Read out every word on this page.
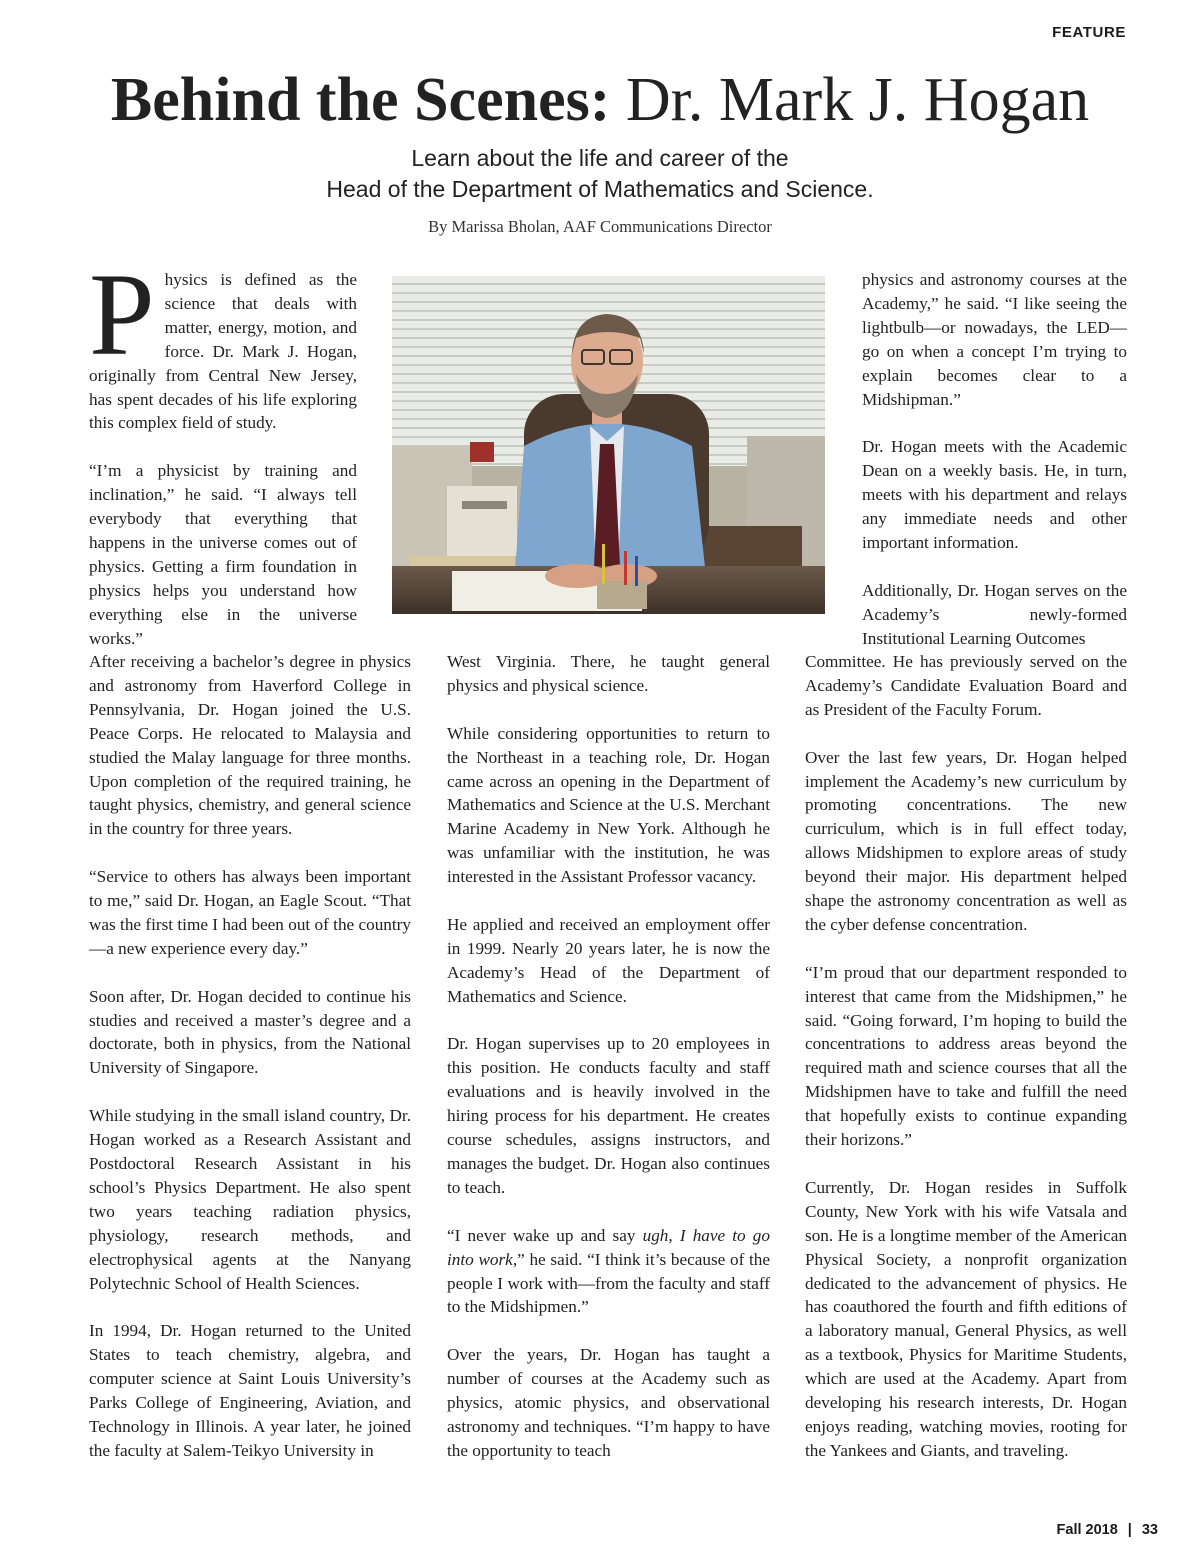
FEATURE
Behind the Scenes: Dr. Mark J. Hogan
Learn about the life and career of the
Head of the Department of Mathematics and Science.
By Marissa Bholan, AAF Communications Director

Physics is defined as the science that deals with matter, energy, motion, and force. Dr. Mark J. Hogan, originally from Central New Jersey, has spent decades of his life exploring this complex field of study.

“I’m a physicist by training and inclination,” he said. “I always tell everybody that everything that happens in the universe comes out of physics. Getting a firm foundation in physics helps you understand how everything else in the universe works.”

After receiving a bachelor’s degree in physics and astronomy from Haverford College in Pennsylvania, Dr. Hogan joined the U.S. Peace Corps. He relocated to Malaysia and studied the Malay language for three months. Upon completion of the required training, he taught physics, chemistry, and general science in the country for three years.

“Service to others has always been important to me,” said Dr. Hogan, an Eagle Scout. “That was the first time I had been out of the country—a new experience every day.”

Soon after, Dr. Hogan decided to continue his studies and received a master’s degree and a doctorate, both in physics, from the National University of Singapore.

While studying in the small island country, Dr. Hogan worked as a Research Assistant and Postdoctoral Research Assistant in his school’s Physics Department. He also spent two years teaching radiation physics, physiology, research methods, and electrophysical agents at the Nanyang Polytechnic School of Health Sciences.

In 1994, Dr. Hogan returned to the United States to teach chemistry, algebra, and computer science at Saint Louis University’s Parks College of Engineering, Aviation, and Technology in Illinois. A year later, he joined the faculty at Salem-Teikyo University in

West Virginia. There, he taught general physics and physical science.

While considering opportunities to return to the Northeast in a teaching role, Dr. Hogan came across an opening in the Department of Mathematics and Science at the U.S. Merchant Marine Academy in New York. Although he was unfamiliar with the institution, he was interested in the Assistant Professor vacancy.

He applied and received an employment offer in 1999. Nearly 20 years later, he is now the Academy’s Head of the Department of Mathematics and Science.

Dr. Hogan supervises up to 20 employees in this position. He conducts faculty and staff evaluations and is heavily involved in the hiring process for his department. He creates course schedules, assigns instructors, and manages the budget. Dr. Hogan also continues to teach.

“I never wake up and say ugh, I have to go into work,” he said. “I think it’s because of the people I work with—from the faculty and staff to the Midshipmen.”

Over the years, Dr. Hogan has taught a number of courses at the Academy such as physics, atomic physics, and observational astronomy and techniques. “I’m happy to have the opportunity to teach

physics and astronomy courses at the Academy,” he said. “I like seeing the lightbulb—or nowadays, the LED—go on when a concept I’m trying to explain becomes clear to a Midshipman.”

Dr. Hogan meets with the Academic Dean on a weekly basis. He, in turn, meets with his department and relays any immediate needs and other important information.

Additionally, Dr. Hogan serves on the Academy’s newly-formed Institutional Learning Outcomes

Committee. He has previously served on the Academy’s Candidate Evaluation Board and as President of the Faculty Forum.

Over the last few years, Dr. Hogan helped implement the Academy’s new curriculum by promoting concentrations. The new curriculum, which is in full effect today, allows Midshipmen to explore areas of study beyond their major. His department helped shape the astronomy concentration as well as the cyber defense concentration.

“I’m proud that our department responded to interest that came from the Midshipmen,” he said. “Going forward, I’m hoping to build the concentrations to address areas beyond the required math and science courses that all the Midshipmen have to take and fulfill the need that hopefully exists to continue expanding their horizons.”

Currently, Dr. Hogan resides in Suffolk County, New York with his wife Vatsala and son. He is a longtime member of the American Physical Society, a nonprofit organization dedicated to the advancement of physics. He has coauthored the fourth and fifth editions of a laboratory manual, General Physics, as well as a textbook, Physics for Maritime Students, which are used at the Academy. Apart from developing his research interests, Dr. Hogan enjoys reading, watching movies, rooting for the Yankees and Giants, and traveling.

Fall 2018 | 33
